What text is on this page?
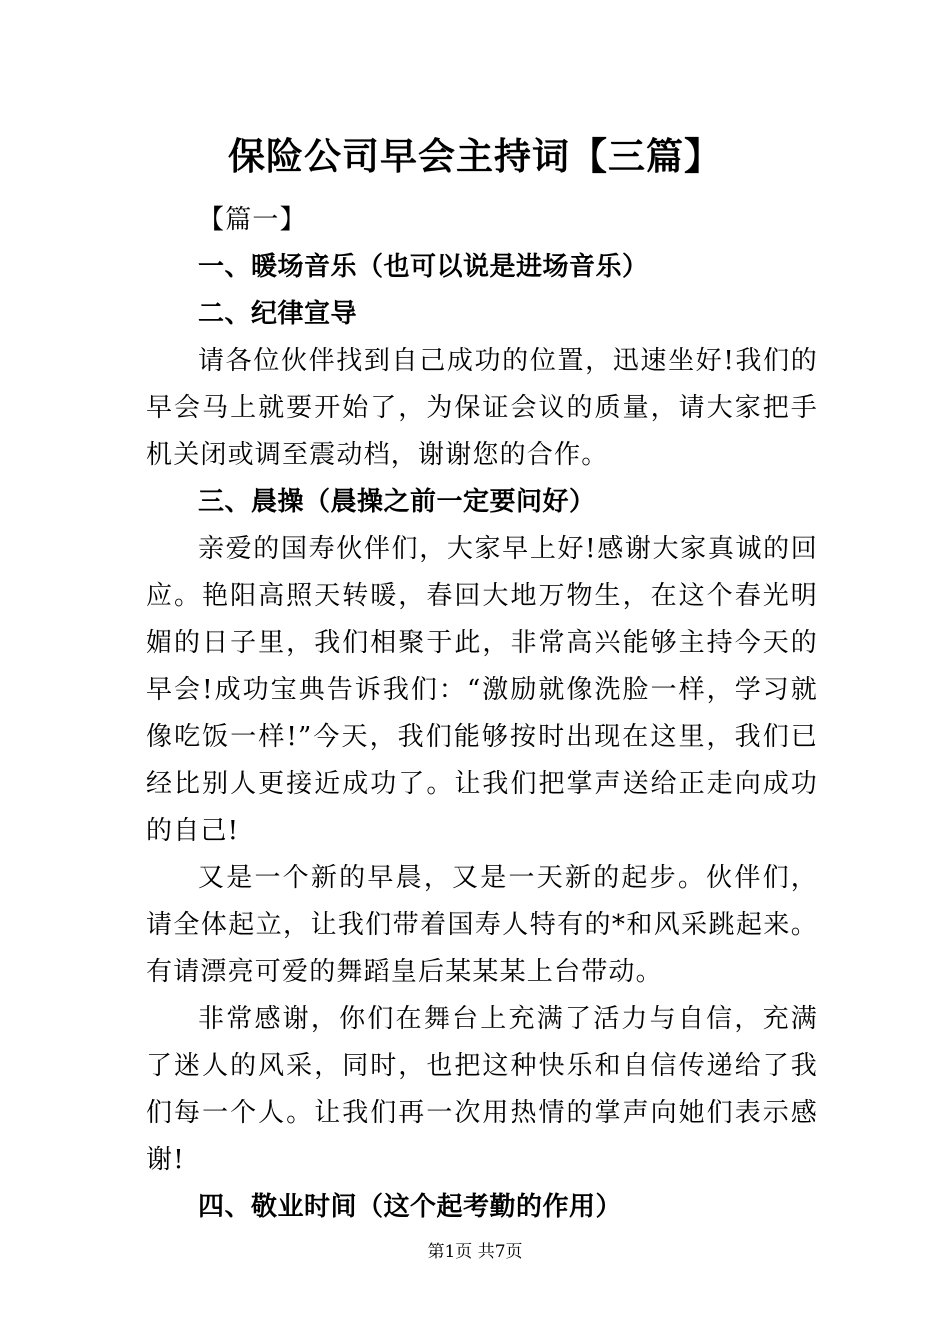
保险公司早会主持词【三篇】

【篇一】

一、暖场音乐（也可以说是进场音乐）

二、纪律宣导

请各位伙伴找到自己成功的位置，迅速坐好!我们的早会马上就要开始了，为保证会议的质量，请大家把手机关闭或调至震动档，谢谢您的合作。

三、晨操（晨操之前一定要问好）

亲爱的国寿伙伴们，大家早上好!感谢大家真诚的回应。艳阳高照天转暖，春回大地万物生，在这个春光明媚的日子里，我们相聚于此，非常高兴能够主持今天的早会!成功宝典告诉我们：“激励就像洗脸一样，学习就像吃饭一样!”今天，我们能够按时出现在这里，我们已经比别人更接近成功了。让我们把掌声送给正走向成功的自己!

又是一个新的早晨，又是一天新的起步。伙伴们，请全体起立，让我们带着国寿人特有的*和风采跳起来。有请漂亮可爱的舞蹈皇后某某某上台带动。

非常感谢，你们在舞台上充满了活力与自信，充满了迷人的风采，同时，也把这种快乐和自信传递给了我们每一个人。让我们再一次用热情的掌声向她们表示感谢!

四、敬业时间（这个起考勤的作用）

第1页 共7页
